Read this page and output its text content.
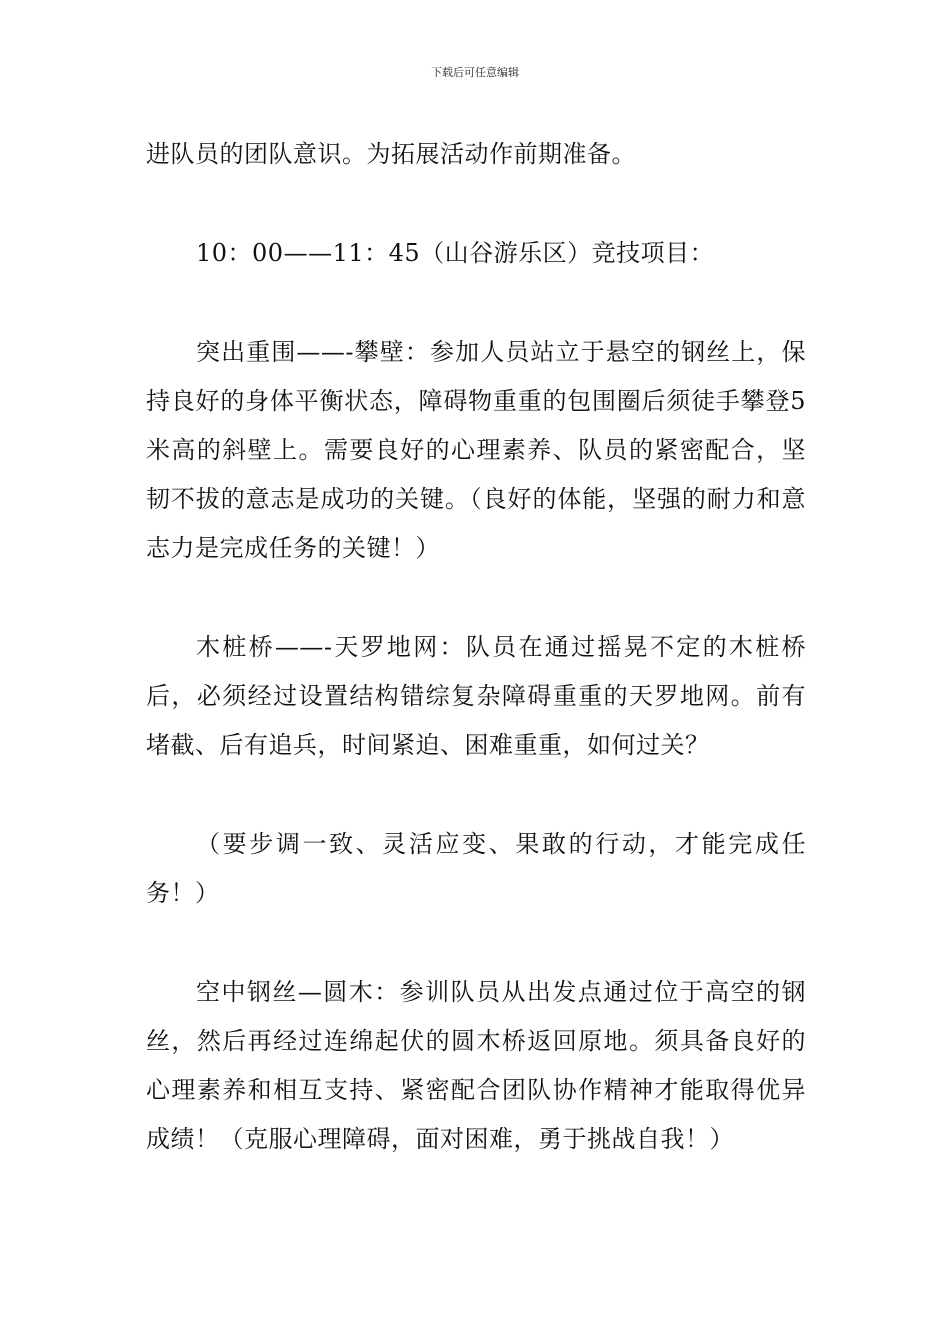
下载后可任意编辑

进队员的团队意识。为拓展活动作前期准备。

10：00——11：45（山谷游乐区）竞技项目：

突出重围——-攀壁：参加人员站立于悬空的钢丝上，保持良好的身体平衡状态，障碍物重重的包围圈后须徒手攀登5米高的斜壁上。需要良好的心理素养、队员的紧密配合，坚韧不拔的意志是成功的关键。（良好的体能，坚强的耐力和意志力是完成任务的关键！）

木桩桥——-天罗地网：队员在通过摇晃不定的木桩桥后，必须经过设置结构错综复杂障碍重重的天罗地网。前有堵截、后有追兵，时间紧迫、困难重重，如何过关？

（要步调一致、灵活应变、果敢的行动，才能完成任务！）

空中钢丝—圆木：参训队员从出发点通过位于高空的钢丝，然后再经过连绵起伏的圆木桥返回原地。须具备良好的心理素养和相互支持、紧密配合团队协作精神才能取得优异成绩！（克服心理障碍，面对困难，勇于挑战自我！）
